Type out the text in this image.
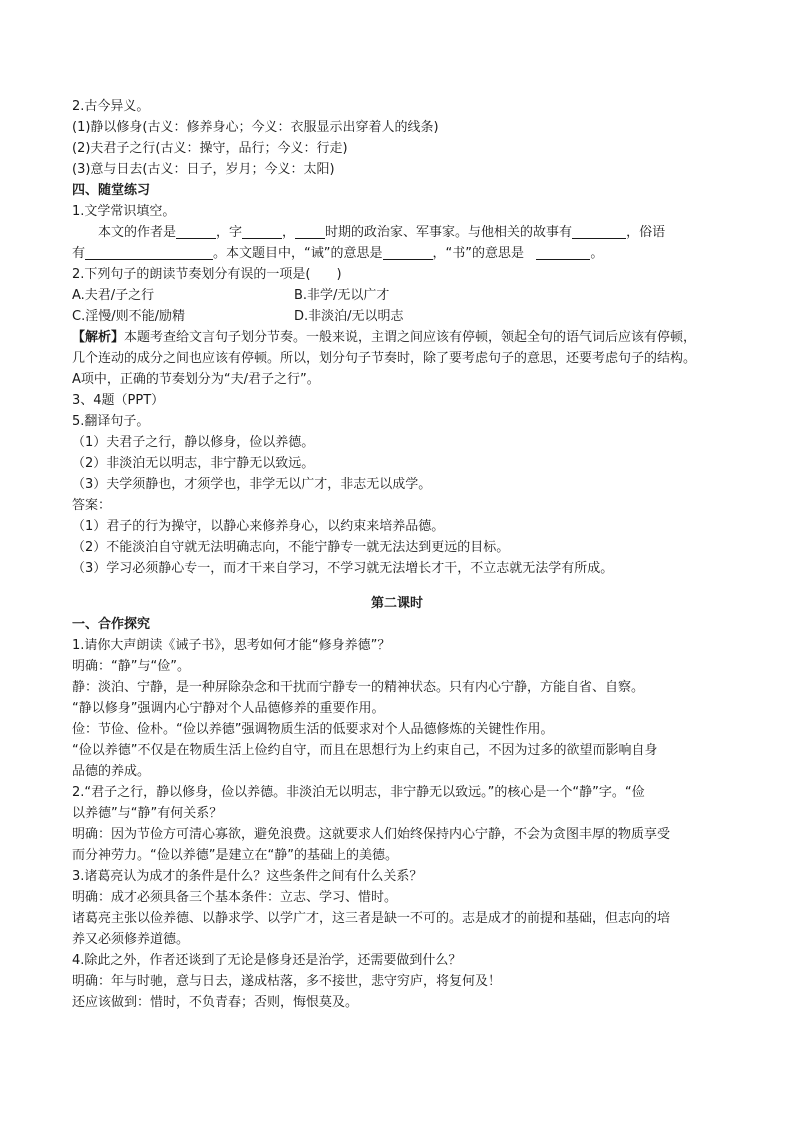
2.古今异义。
(1)静以修身(古义：修养身心；今义：衣服显示出穿着人的线条)
(2)夫君子之行(古义：操守，品行；今义：行走)
(3)意与日去(古义：日子，岁月；今义：太阳)
四、随堂练习
1.文学常识填空。
本文的作者是	，字	， 时期的政治家、军事家。与他相关的故事有	，俗语
有	。本文题目中，“诫”的意思是	，“书”的意思是	。
2.下列句子的朗读节奏划分有误的一项是(　　)
A.夫君/子之行	B.非学/无以广才
C.淫慢/则不能/励精	D.非淡泊/无以明志
【解析】本题考查给文言句子划分节奏。一般来说，主谓之间应该有停顿，领起全句的语气词后应该有停顿，
几个连动的成分之间也应该有停顿。所以，划分句子节奏时，除了要考虑句子的意思，还要考虑句子的结构。
A项中，正确的节奏划分为“夫/君子之行”。
3、4题（PPT）
5.翻译句子。
（1）夫君子之行，静以修身，俭以养德。
（2）非淡泊无以明志，非宁静无以致远。
（3）夫学须静也，才须学也，非学无以广才，非志无以成学。
答案：
（1）君子的行为操守，以静心来修养身心，以约束来培养品德。
（2）不能淡泊自守就无法明确志向，不能宁静专一就无法达到更远的目标。
（3）学习必须静心专一，而才干来自学习，不学习就无法增长才干，不立志就无法学有所成。
第二课时
一、合作探究
1.请你大声朗读《诫子书》，思考如何才能“修身养德”？
明确：“静”与“俭”。
静：淡泊、宁静，是一种屏除杂念和干扰而宁静专一的精神状态。只有内心宁静，方能自省、自察。
“静以修身”强调内心宁静对个人品德修养的重要作用。
俭：节俭、俭朴。“俭以养德”强调物质生活的低要求对个人品德修炼的关键性作用。
“俭以养德”不仅是在物质生活上俭约自守，而且在思想行为上约束自己，不因为过多的欲望而影响自身
品德的养成。
2.“君子之行，静以修身，俭以养德。非淡泊无以明志，非宁静无以致远。”的核心是一个“静”字。“俭
以养德”与“静”有何关系？
明确：因为节俭方可清心寡欲，避免浪费。这就要求人们始终保持内心宁静，不会为贪图丰厚的物质享受
而分神劳力。“俭以养德”是建立在“静”的基础上的美德。
3.诸葛亮认为成才的条件是什么？这些条件之间有什么关系？
明确：成才必须具备三个基本条件：立志、学习、惜时。
诸葛亮主张以俭养德、以静求学、以学广才，这三者是缺一不可的。志是成才的前提和基础，但志向的培
养又必须修养道德。
4.除此之外，作者还谈到了无论是修身还是治学，还需要做到什么？
明确：年与时驰，意与日去，遂成枯落，多不接世，悲守穷庐，将复何及！
还应该做到：惜时，不负青春；否则，悔恨莫及。
